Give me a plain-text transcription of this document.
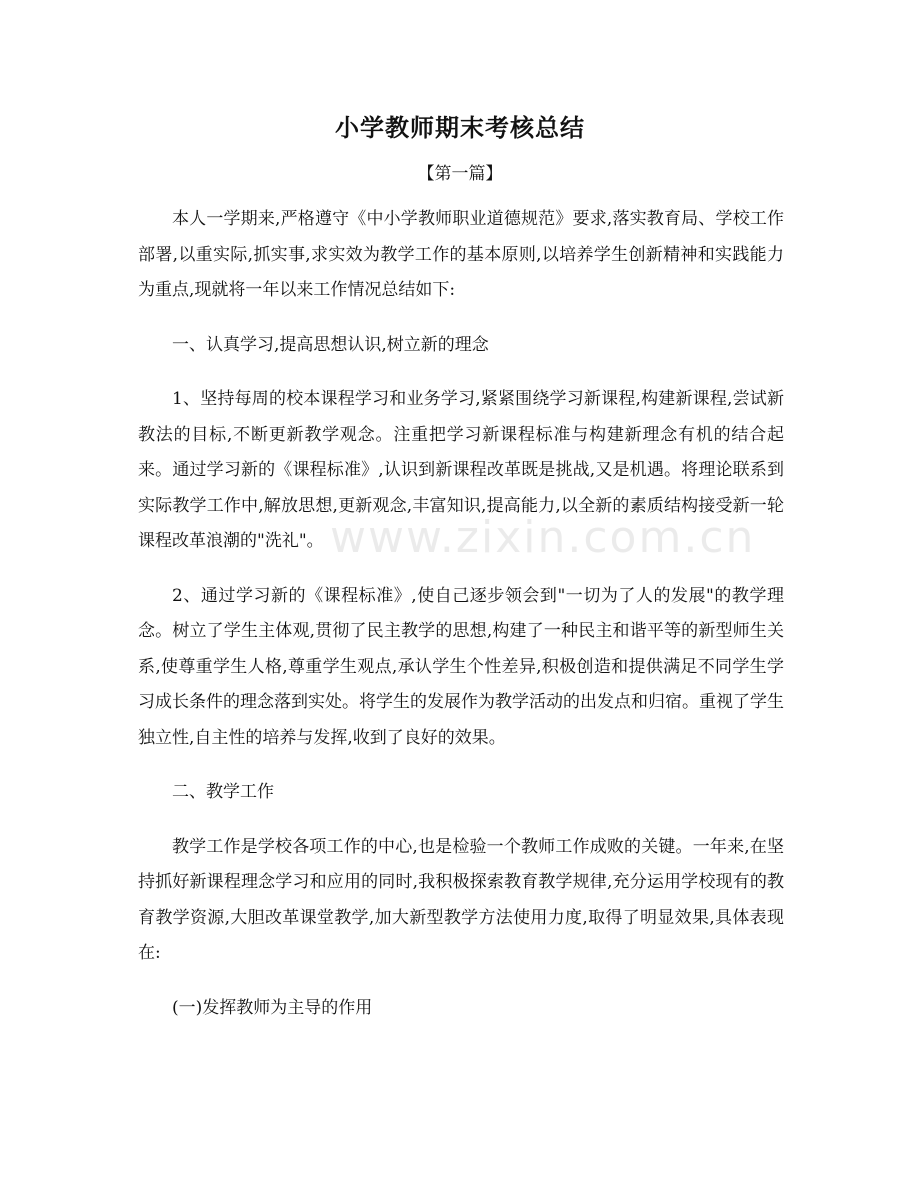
小学教师期末考核总结
【第一篇】

本人一学期来,严格遵守《中小学教师职业道德规范》要求,落实教育局、学校工作部署,以重实际,抓实事,求实效为教学工作的基本原则,以培养学生创新精神和实践能力为重点,现就将一年以来工作情况总结如下:

一、认真学习,提高思想认识,树立新的理念

1、坚持每周的校本课程学习和业务学习,紧紧围绕学习新课程,构建新课程,尝试新教法的目标,不断更新教学观念。注重把学习新课程标准与构建新理念有机的结合起来。通过学习新的《课程标准》,认识到新课程改革既是挑战,又是机遇。将理论联系到实际教学工作中,解放思想,更新观念,丰富知识,提高能力,以全新的素质结构接受新一轮课程改革浪潮的"洗礼"。

2、通过学习新的《课程标准》,使自己逐步领会到"一切为了人的发展"的教学理念。树立了学生主体观,贯彻了民主教学的思想,构建了一种民主和谐平等的新型师生关系,使尊重学生人格,尊重学生观点,承认学生个性差异,积极创造和提供满足不同学生学习成长条件的理念落到实处。将学生的发展作为教学活动的出发点和归宿。重视了学生独立性,自主性的培养与发挥,收到了良好的效果。

二、教学工作

教学工作是学校各项工作的中心,也是检验一个教师工作成败的关键。一年来,在坚持抓好新课程理念学习和应用的同时,我积极探索教育教学规律,充分运用学校现有的教育教学资源,大胆改革课堂教学,加大新型教学方法使用力度,取得了明显效果,具体表现在:

(一)发挥教师为主导的作用

www.zixin.com.cn
